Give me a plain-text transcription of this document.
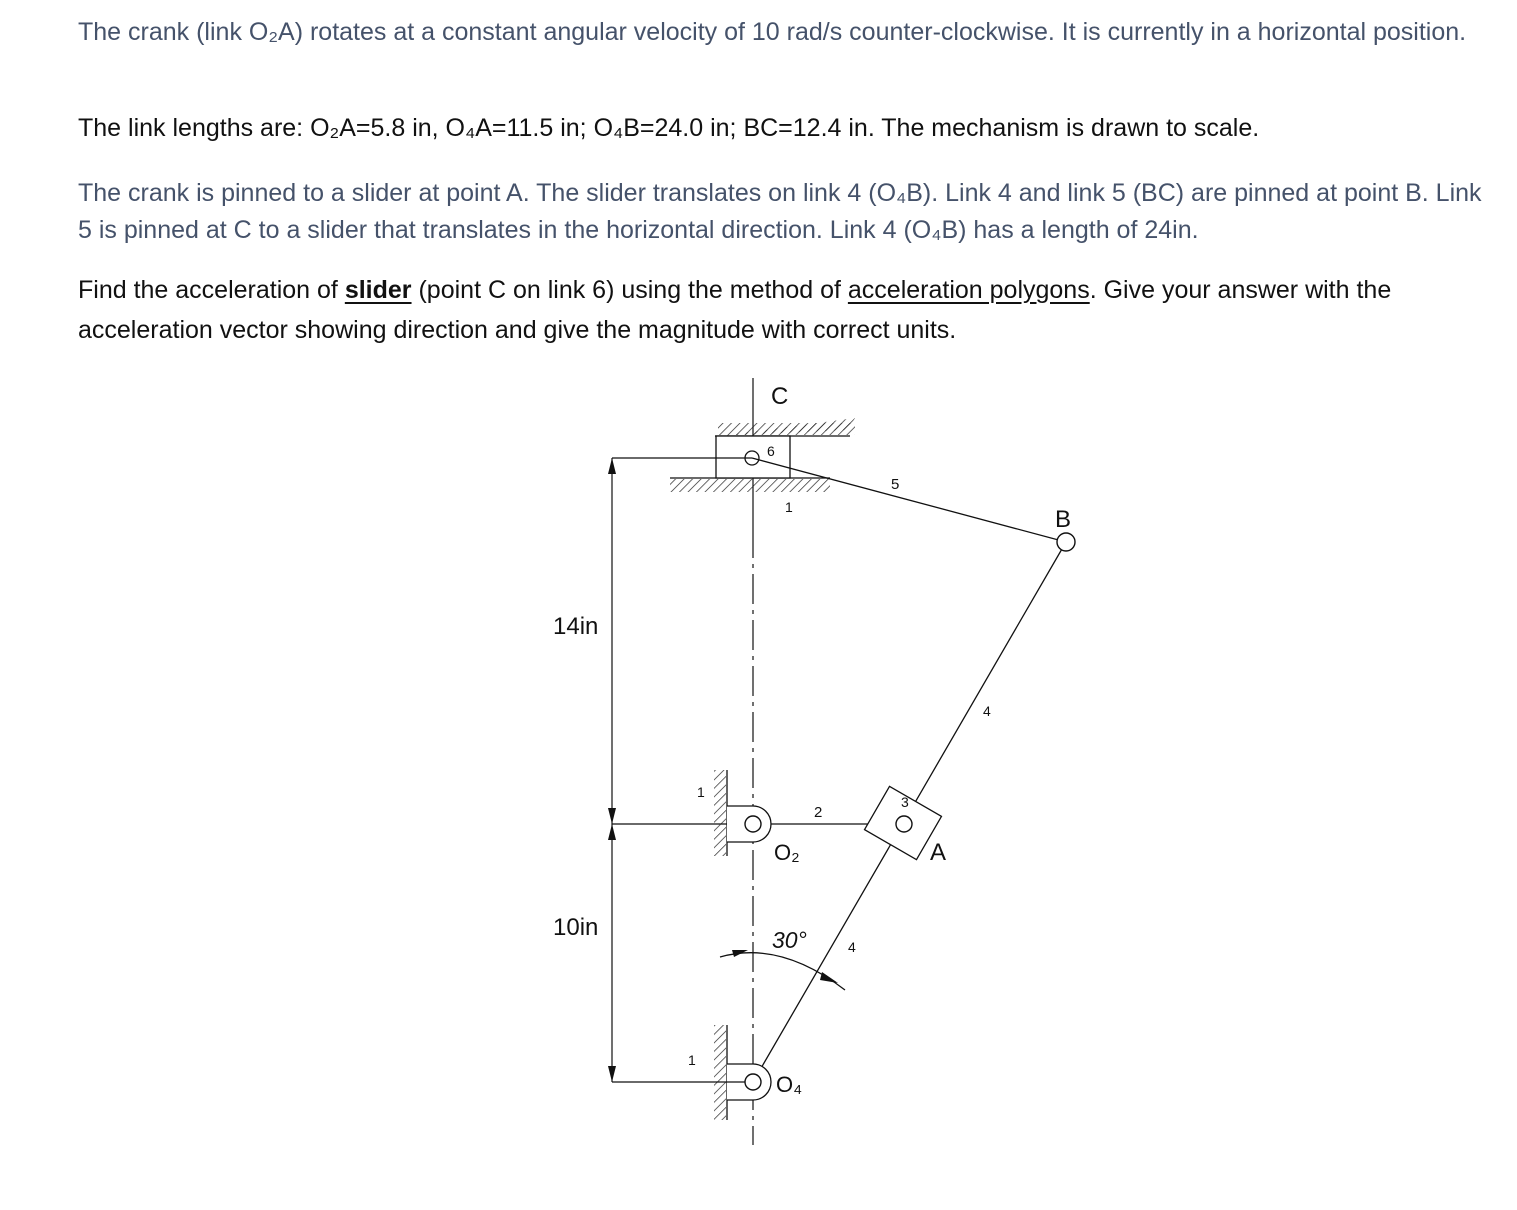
The crank (link O₂A) rotates at a constant angular velocity of 10 rad/s counter-clockwise. It is currently in a horizontal position.

The link lengths are: O₂A=5.8 in, O₄A=11.5 in; O₄B=24.0 in; BC=12.4 in. The mechanism is drawn to scale.

The crank is pinned to a slider at point A. The slider translates on link 4 (O₄B). Link 4 and link 5 (BC) are pinned at point B. Link 5 is pinned at C to a slider that translates in the horizontal direction. Link 4 (O₄B) has a length of 24in.

Find the acceleration of slider (point C on link 6) using the method of acceleration polygons. Give your answer with the acceleration vector showing direction and give the magnitude with correct units.

C
6
1
5
B
4
14in
1
2
3
O₂	A
10in	30°	4
1
O₄
